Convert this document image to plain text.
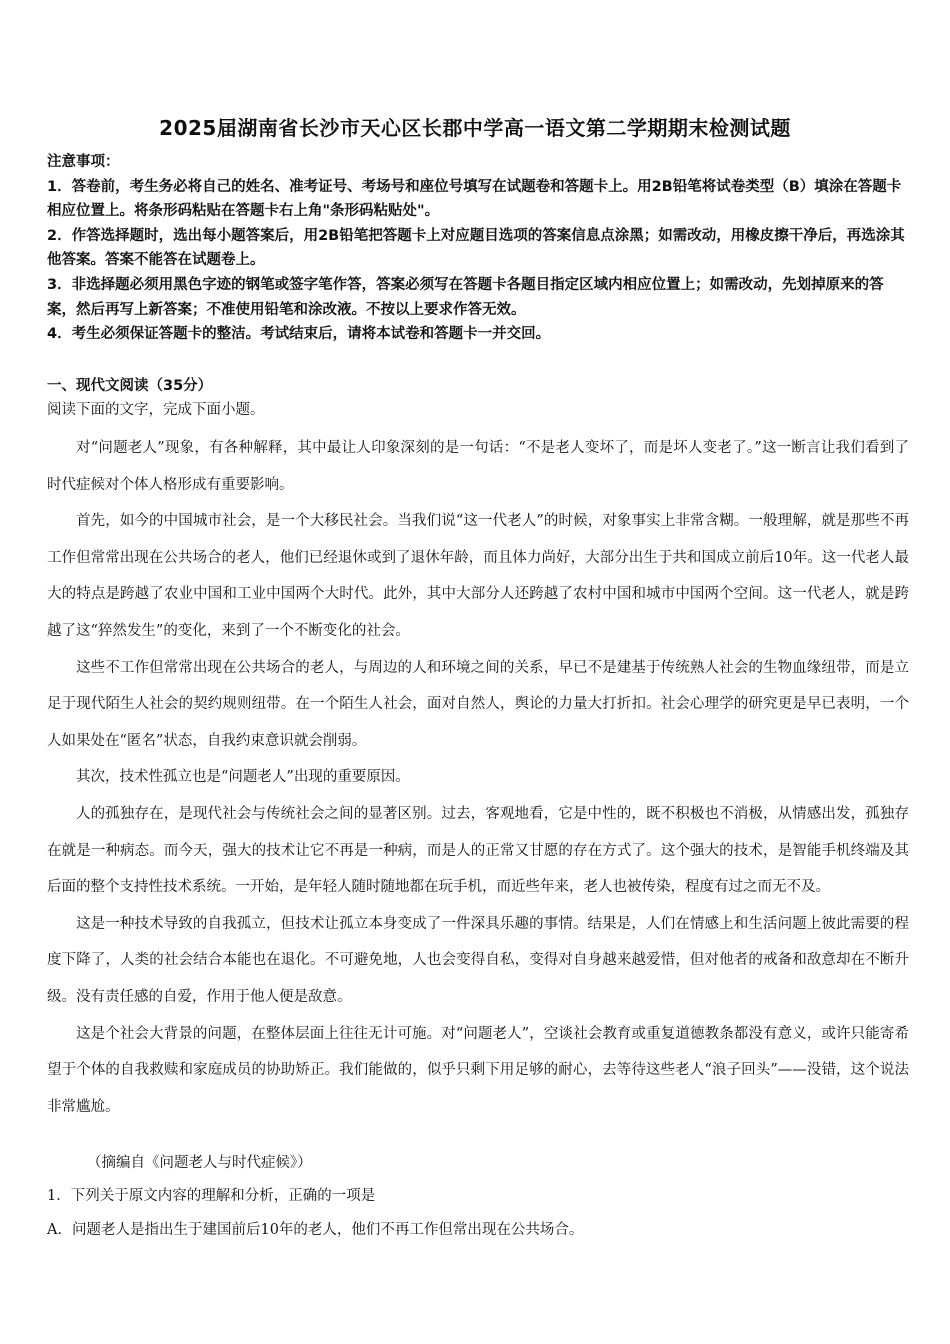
2025届湖南省长沙市天心区长郡中学高一语文第二学期期末检测试题

注意事项：

1．答卷前，考生务必将自己的姓名、准考证号、考场号和座位号填写在试题卷和答题卡上。用2B铅笔将试卷类型（B）填涂在答题卡相应位置上。将条形码粘贴在答题卡右上角"条形码粘贴处"。

2．作答选择题时，选出每小题答案后，用2B铅笔把答题卡上对应题目选项的答案信息点涂黑；如需改动，用橡皮擦干净后，再选涂其他答案。答案不能答在试题卷上。

3．非选择题必须用黑色字迹的钢笔或签字笔作答，答案必须写在答题卡各题目指定区域内相应位置上；如需改动，先划掉原来的答案，然后再写上新答案；不准使用铅笔和涂改液。不按以上要求作答无效。

4．考生必须保证答题卡的整洁。考试结束后，请将本试卷和答题卡一并交回。

一、现代文阅读（35分）
阅读下面的文字，完成下面小题。

对“问题老人”现象，有各种解释，其中最让人印象深刻的是一句话：“不是老人变坏了，而是坏人变老了。”这一断言让我们看到了时代症候对个体人格形成有重要影响。

首先，如今的中国城市社会，是一个大移民社会。当我们说“这一代老人”的时候，对象事实上非常含糊。一般理解，就是那些不再工作但常常出现在公共场合的老人，他们已经退休或到了退休年龄，而且体力尚好，大部分出生于共和国成立前后10年。这一代老人最大的特点是跨越了农业中国和工业中国两个大时代。此外，其中大部分人还跨越了农村中国和城市中国两个空间。这一代老人，就是跨越了这“猝然发生”的变化，来到了一个不断变化的社会。

这些不工作但常常出现在公共场合的老人，与周边的人和环境之间的关系，早已不是建基于传统熟人社会的生物血缘纽带，而是立足于现代陌生人社会的契约规则纽带。在一个陌生人社会，面对自然人，舆论的力量大打折扣。社会心理学的研究更是早已表明，一个人如果处在“匿名”状态，自我约束意识就会削弱。

其次，技术性孤立也是“问题老人”出现的重要原因。

人的孤独存在，是现代社会与传统社会之间的显著区别。过去，客观地看，它是中性的，既不积极也不消极，从情感出发，孤独存在就是一种病态。而今天，强大的技术让它不再是一种病，而是人的正常又甘愿的存在方式了。这个强大的技术，是智能手机终端及其后面的整个支持性技术系统。一开始，是年轻人随时随地都在玩手机，而近些年来，老人也被传染，程度有过之而无不及。

这是一种技术导致的自我孤立，但技术让孤立本身变成了一件深具乐趣的事情。结果是，人们在情感上和生活问题上彼此需要的程度下降了，人类的社会结合本能也在退化。不可避免地，人也会变得自私，变得对自身越来越爱惜，但对他者的戒备和敌意却在不断升级。没有责任感的自爱，作用于他人便是敌意。

这是个社会大背景的问题，在整体层面上往往无计可施。对“问题老人”，空谈社会教育或重复道德教条都没有意义，或许只能寄希望于个体的自我救赎和家庭成员的协助矫正。我们能做的，似乎只剩下用足够的耐心，去等待这些老人“浪子回头”——没错，这个说法非常尴尬。

（摘编自《问题老人与时代症候》）
1．下列关于原文内容的理解和分析，正确的一项是
A．问题老人是指出生于建国前后10年的老人，他们不再工作但常出现在公共场合。
